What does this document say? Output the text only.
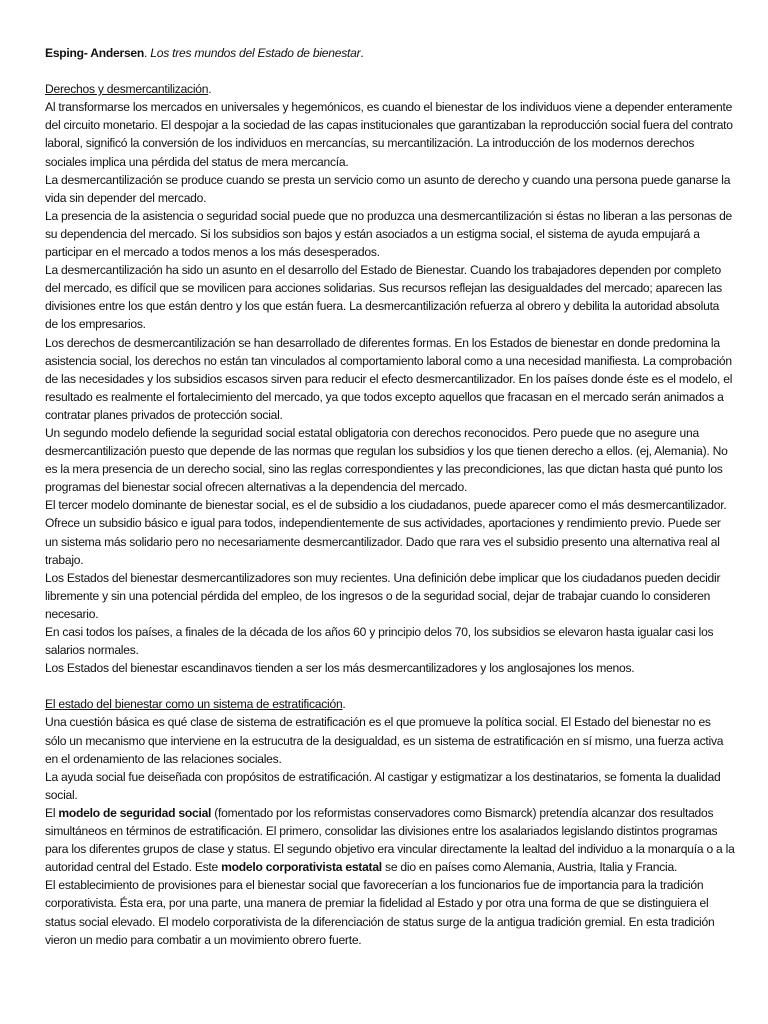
Esping- Andersen. Los tres mundos del Estado de bienestar.

Derechos y desmercantilización.

Al transformarse los mercados en universales y hegemónicos, es cuando el bienestar de los individuos viene a depender enteramente del circuito monetario. El despojar a la sociedad de las capas institucionales que garantizaban la reproducción social fuera del contrato laboral, significó la conversión de los individuos en mercancías, su mercantilización. La introducción de los modernos derechos sociales implica una pérdida del status de mera mercancía.

La desmercantilización se produce cuando se presta un servicio como un asunto de derecho y cuando una persona puede ganarse la vida sin depender del mercado.

La presencia de la asistencia o seguridad social puede que no produzca una desmercantilización si éstas no liberan a las personas de su dependencia del mercado. Si los subsidios son bajos y están asociados a un estigma social, el sistema de ayuda empujará a participar en el mercado a todos menos a los más desesperados.

La desmercantilización ha sido un asunto en el desarrollo del Estado de Bienestar. Cuando los trabajadores dependen por completo del mercado, es difícil que se movilicen para acciones solidarias. Sus recursos reflejan las desigualdades del mercado; aparecen las divisiones entre los que están dentro y los que están fuera. La desmercantilización refuerza al obrero y debilita la autoridad absoluta de los empresarios.

Los derechos de desmercantilización se han desarrollado de diferentes formas. En los Estados de bienestar en donde predomina la asistencia social, los derechos no están tan vinculados al comportamiento laboral como a una necesidad manifiesta. La comprobación de las necesidades y los subsidios escasos sirven para reducir el efecto desmercantilizador. En los países donde éste es el modelo, el resultado es realmente el fortalecimiento del mercado, ya que todos excepto aquellos que fracasan en el mercado serán animados a contratar planes privados de protección social.

Un segundo modelo defiende la seguridad social estatal obligatoria con derechos reconocidos. Pero puede que no asegure una desmercantilización puesto que depende de las normas que regulan los subsidios y los que tienen derecho a ellos. (ej, Alemania). No es la mera presencia de un derecho social, sino las reglas correspondientes y las precondiciones, las que dictan hasta qué punto los programas del bienestar social ofrecen alternativas a la dependencia del mercado.

El tercer modelo dominante de bienestar social, es el de subsidio a los ciudadanos, puede aparecer como el más desmercantilizador. Ofrece un subsidio básico e igual para todos, independientemente de sus actividades, aportaciones y rendimiento previo. Puede ser un sistema más solidario pero no necesariamente desmercantilizador. Dado que rara ves el subsidio presento una alternativa real al trabajo.

Los Estados del bienestar desmercantilizadores son muy recientes. Una definición debe implicar que los ciudadanos pueden decidir libremente y sin una potencial pérdida del empleo, de los ingresos o de la seguridad social, dejar de trabajar cuando lo consideren necesario.

En casi todos los países, a finales de la década de los años 60 y principio delos 70, los subsidios se elevaron hasta igualar casi los salarios normales.

Los Estados del bienestar escandinavos tienden a ser los más desmercantilizadores y los anglosajones los menos.

El estado del bienestar como un sistema de estratificación.

Una cuestión básica es qué clase de sistema de estratificación es el que promueve la política social. El Estado del bienestar no es sólo un mecanismo que interviene en la estrucutra de la desigualdad, es un sistema de estratificación en sí mismo, una fuerza activa en el ordenamiento de las relaciones sociales.

La ayuda social fue deiseñada con propósitos de estratificación. Al castigar y estigmatizar a los destinatarios, se fomenta la dualidad social.

El modelo de seguridad social (fomentado por los reformistas conservadores como Bismarck) pretendía alcanzar dos resultados simultáneos en términos de estratificación. El primero, consolidar las divisiones entre los asalariados legislando distintos programas para los diferentes grupos de clase y status. El segundo objetivo era vincular directamente la lealtad del individuo a la monarquía o a la autoridad central del Estado. Este modelo corporativista estatal se dio en países como Alemania, Austria, Italia y Francia.

El establecimiento de provisiones para el bienestar social que favorecerían a los funcionarios fue de importancia para la tradición corporativista. Ésta era, por una parte, una manera de premiar la fidelidad al Estado y por otra una forma de que se distinguiera el status social elevado. El modelo corporativista de la diferenciación de status surge de la antigua tradición gremial. En esta tradición vieron un medio para combatir a un movimiento obrero fuerte.
